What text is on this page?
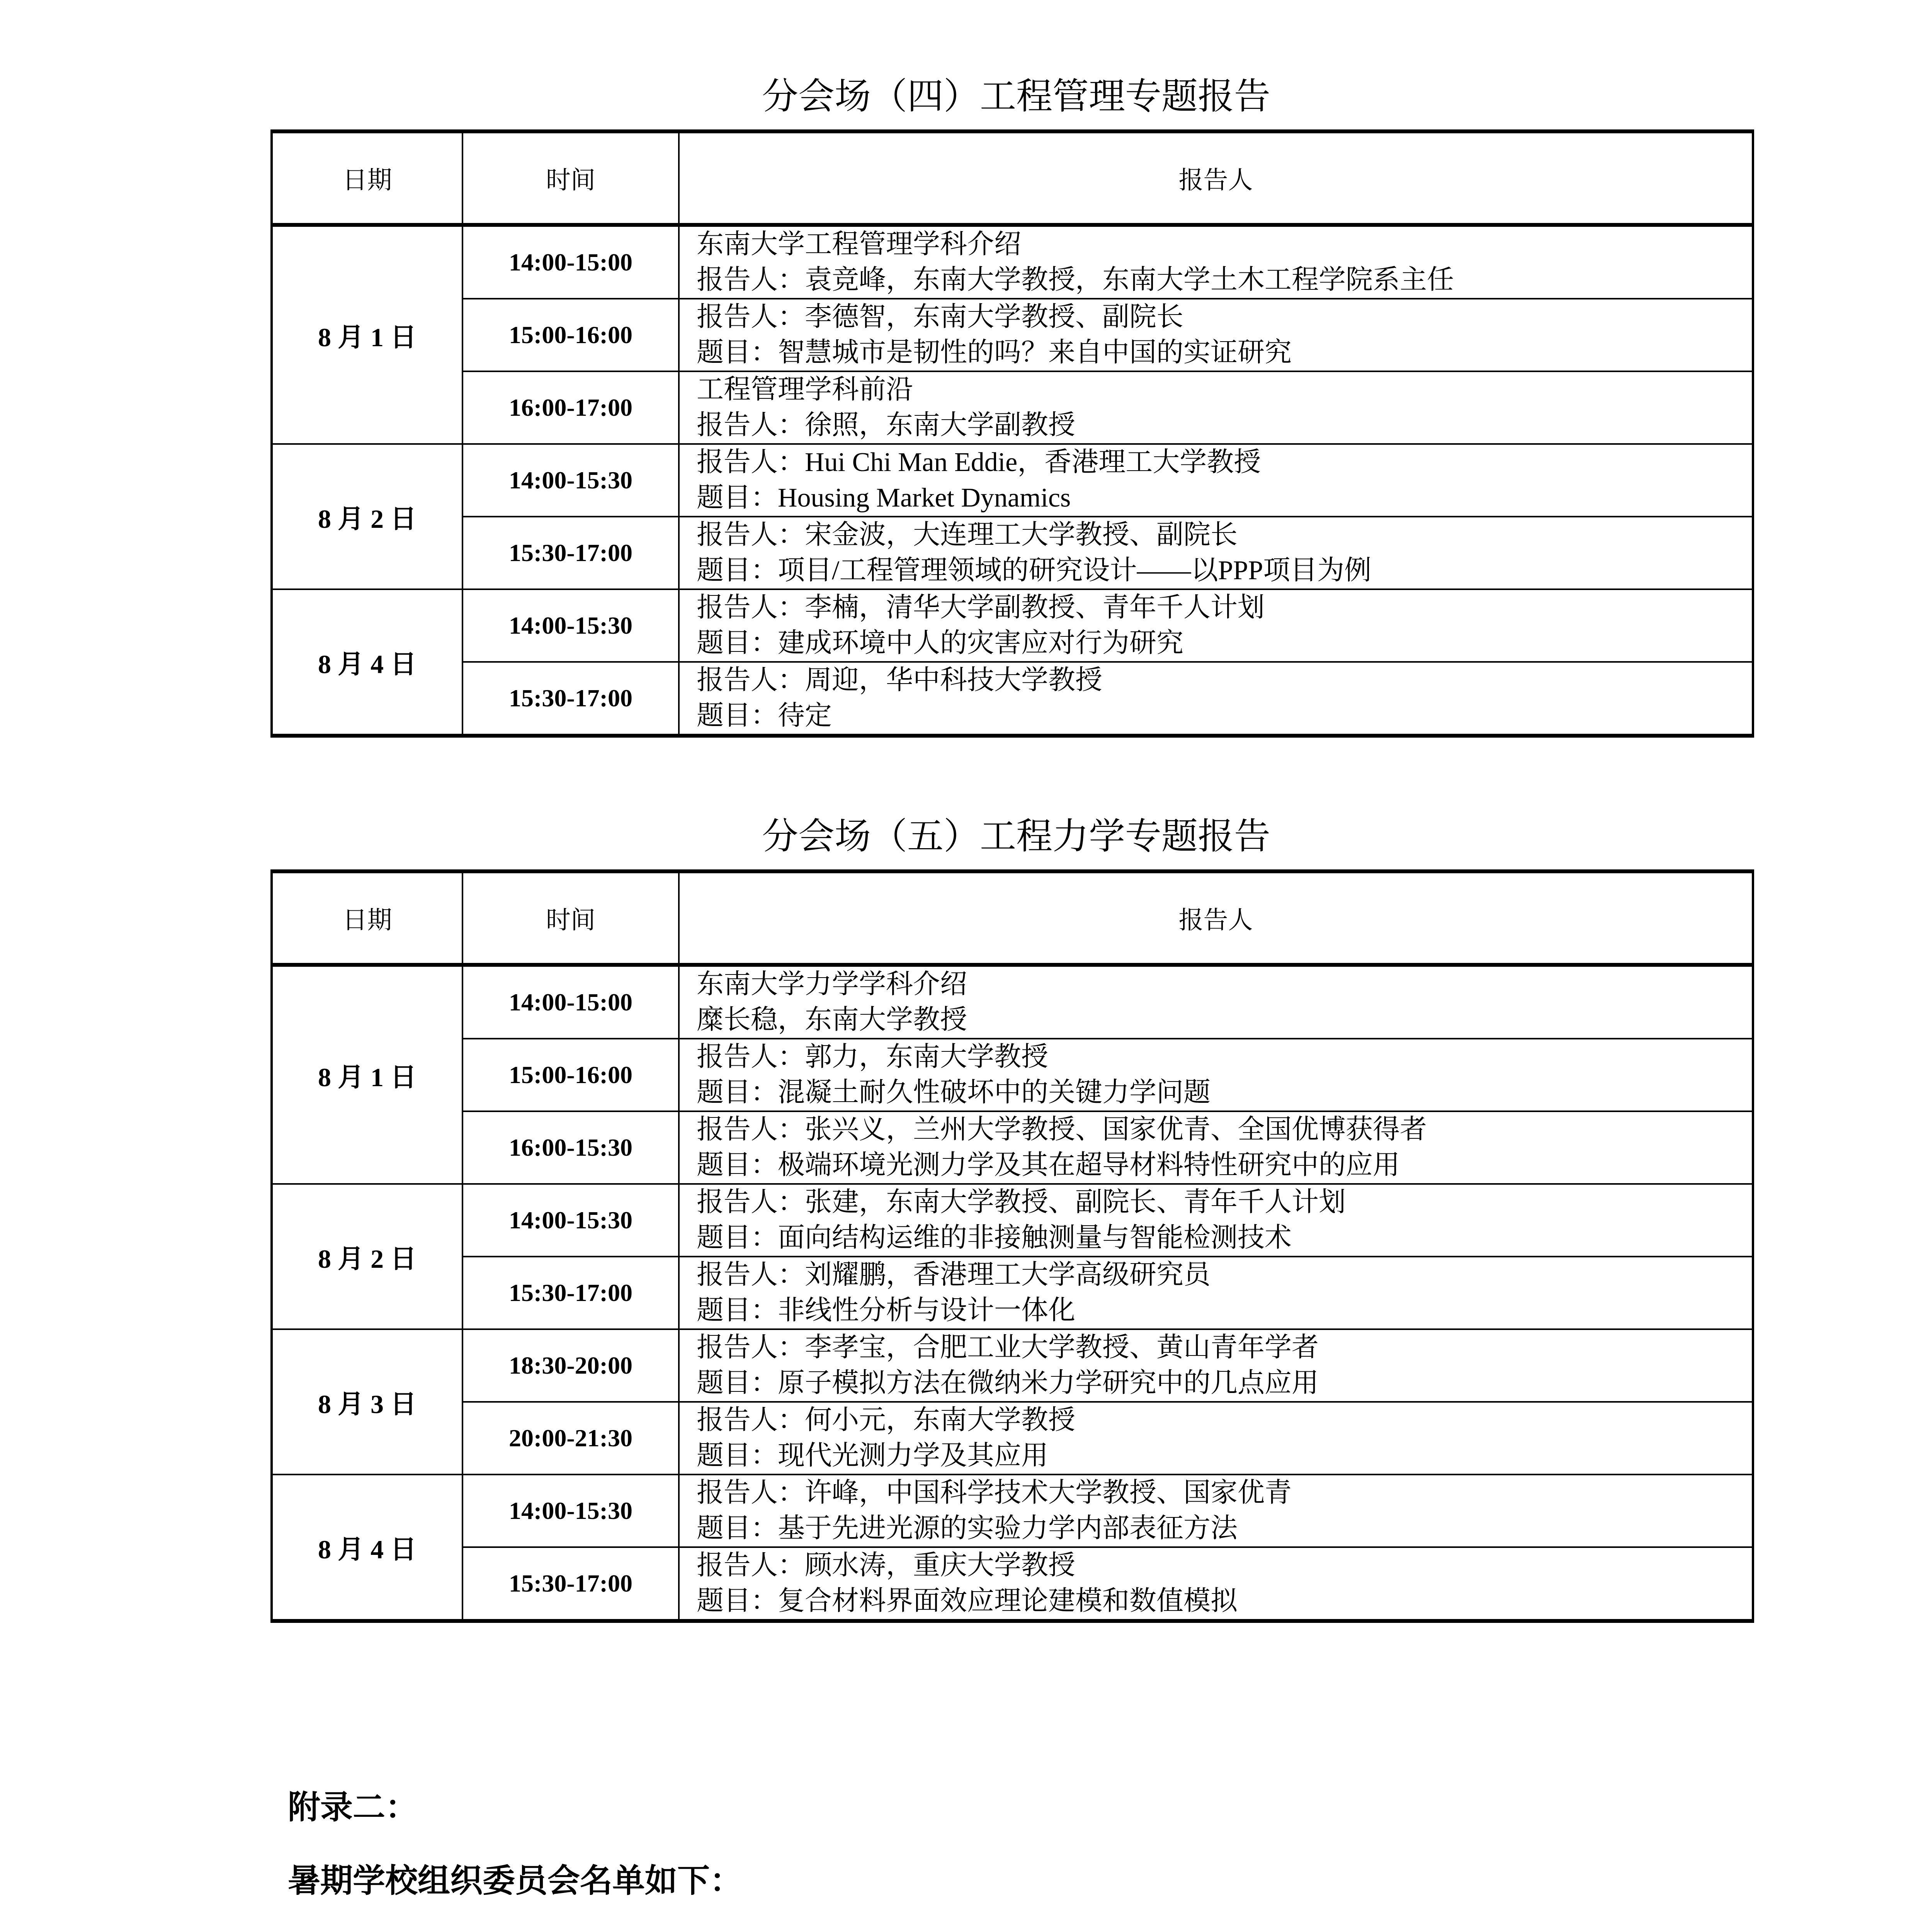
分会场（四）工程管理专题报告
日期	时间	报告人
8 月 1 日	14:00-15:00	东南大学工程管理学科介绍
报告人：袁竞峰，东南大学教授，东南大学土木工程学院系主任

	15:00-16:00	报告人：李德智，东南大学教授、副院长
题目：智慧城市是韧性的吗？来自中国的实证研究

	16:00-17:00	工程管理学科前沿
报告人：徐照，东南大学副教授

8 月 2 日	14:00-15:30	报告人：Hui Chi Man Eddie，香港理工大学教授
题目：Housing Market Dynamics

	15:30-17:00	报告人：宋金波，大连理工大学教授、副院长
题目：项目/工程管理领域的研究设计——以PPP项目为例

8 月 4 日	14:00-15:30	报告人：李楠，清华大学副教授、青年千人计划
题目：建成环境中人的灾害应对行为研究

	15:30-17:00	报告人：周迎，华中科技大学教授
题目：待定
分会场（五）工程力学专题报告
日期	时间	报告人
8 月 1 日	14:00-15:00	东南大学力学学科介绍
糜长稳，东南大学教授

	15:00-16:00	报告人：郭力，东南大学教授
题目：混凝土耐久性破坏中的关键力学问题

	16:00-15:30	报告人：张兴义，兰州大学教授、国家优青、全国优博获得者
题目：极端环境光测力学及其在超导材料特性研究中的应用

8 月 2 日	14:00-15:30	报告人：张建，东南大学教授、副院长、青年千人计划
题目：面向结构运维的非接触测量与智能检测技术

	15:30-17:00	报告人：刘耀鹏，香港理工大学高级研究员
题目：非线性分析与设计一体化

8 月 3 日	18:30-20:00	报告人：李孝宝，合肥工业大学教授、黄山青年学者
题目：原子模拟方法在微纳米力学研究中的几点应用

	20:00-21:30	报告人：何小元，东南大学教授
题目：现代光测力学及其应用

8 月 4 日	14:00-15:30	报告人：许峰，中国科学技术大学教授、国家优青
题目：基于先进光源的实验力学内部表征方法

	15:30-17:00	报告人：顾水涛，重庆大学教授
题目：复合材料界面效应理论建模和数值模拟
附录二：
暑期学校组织委员会名单如下：
